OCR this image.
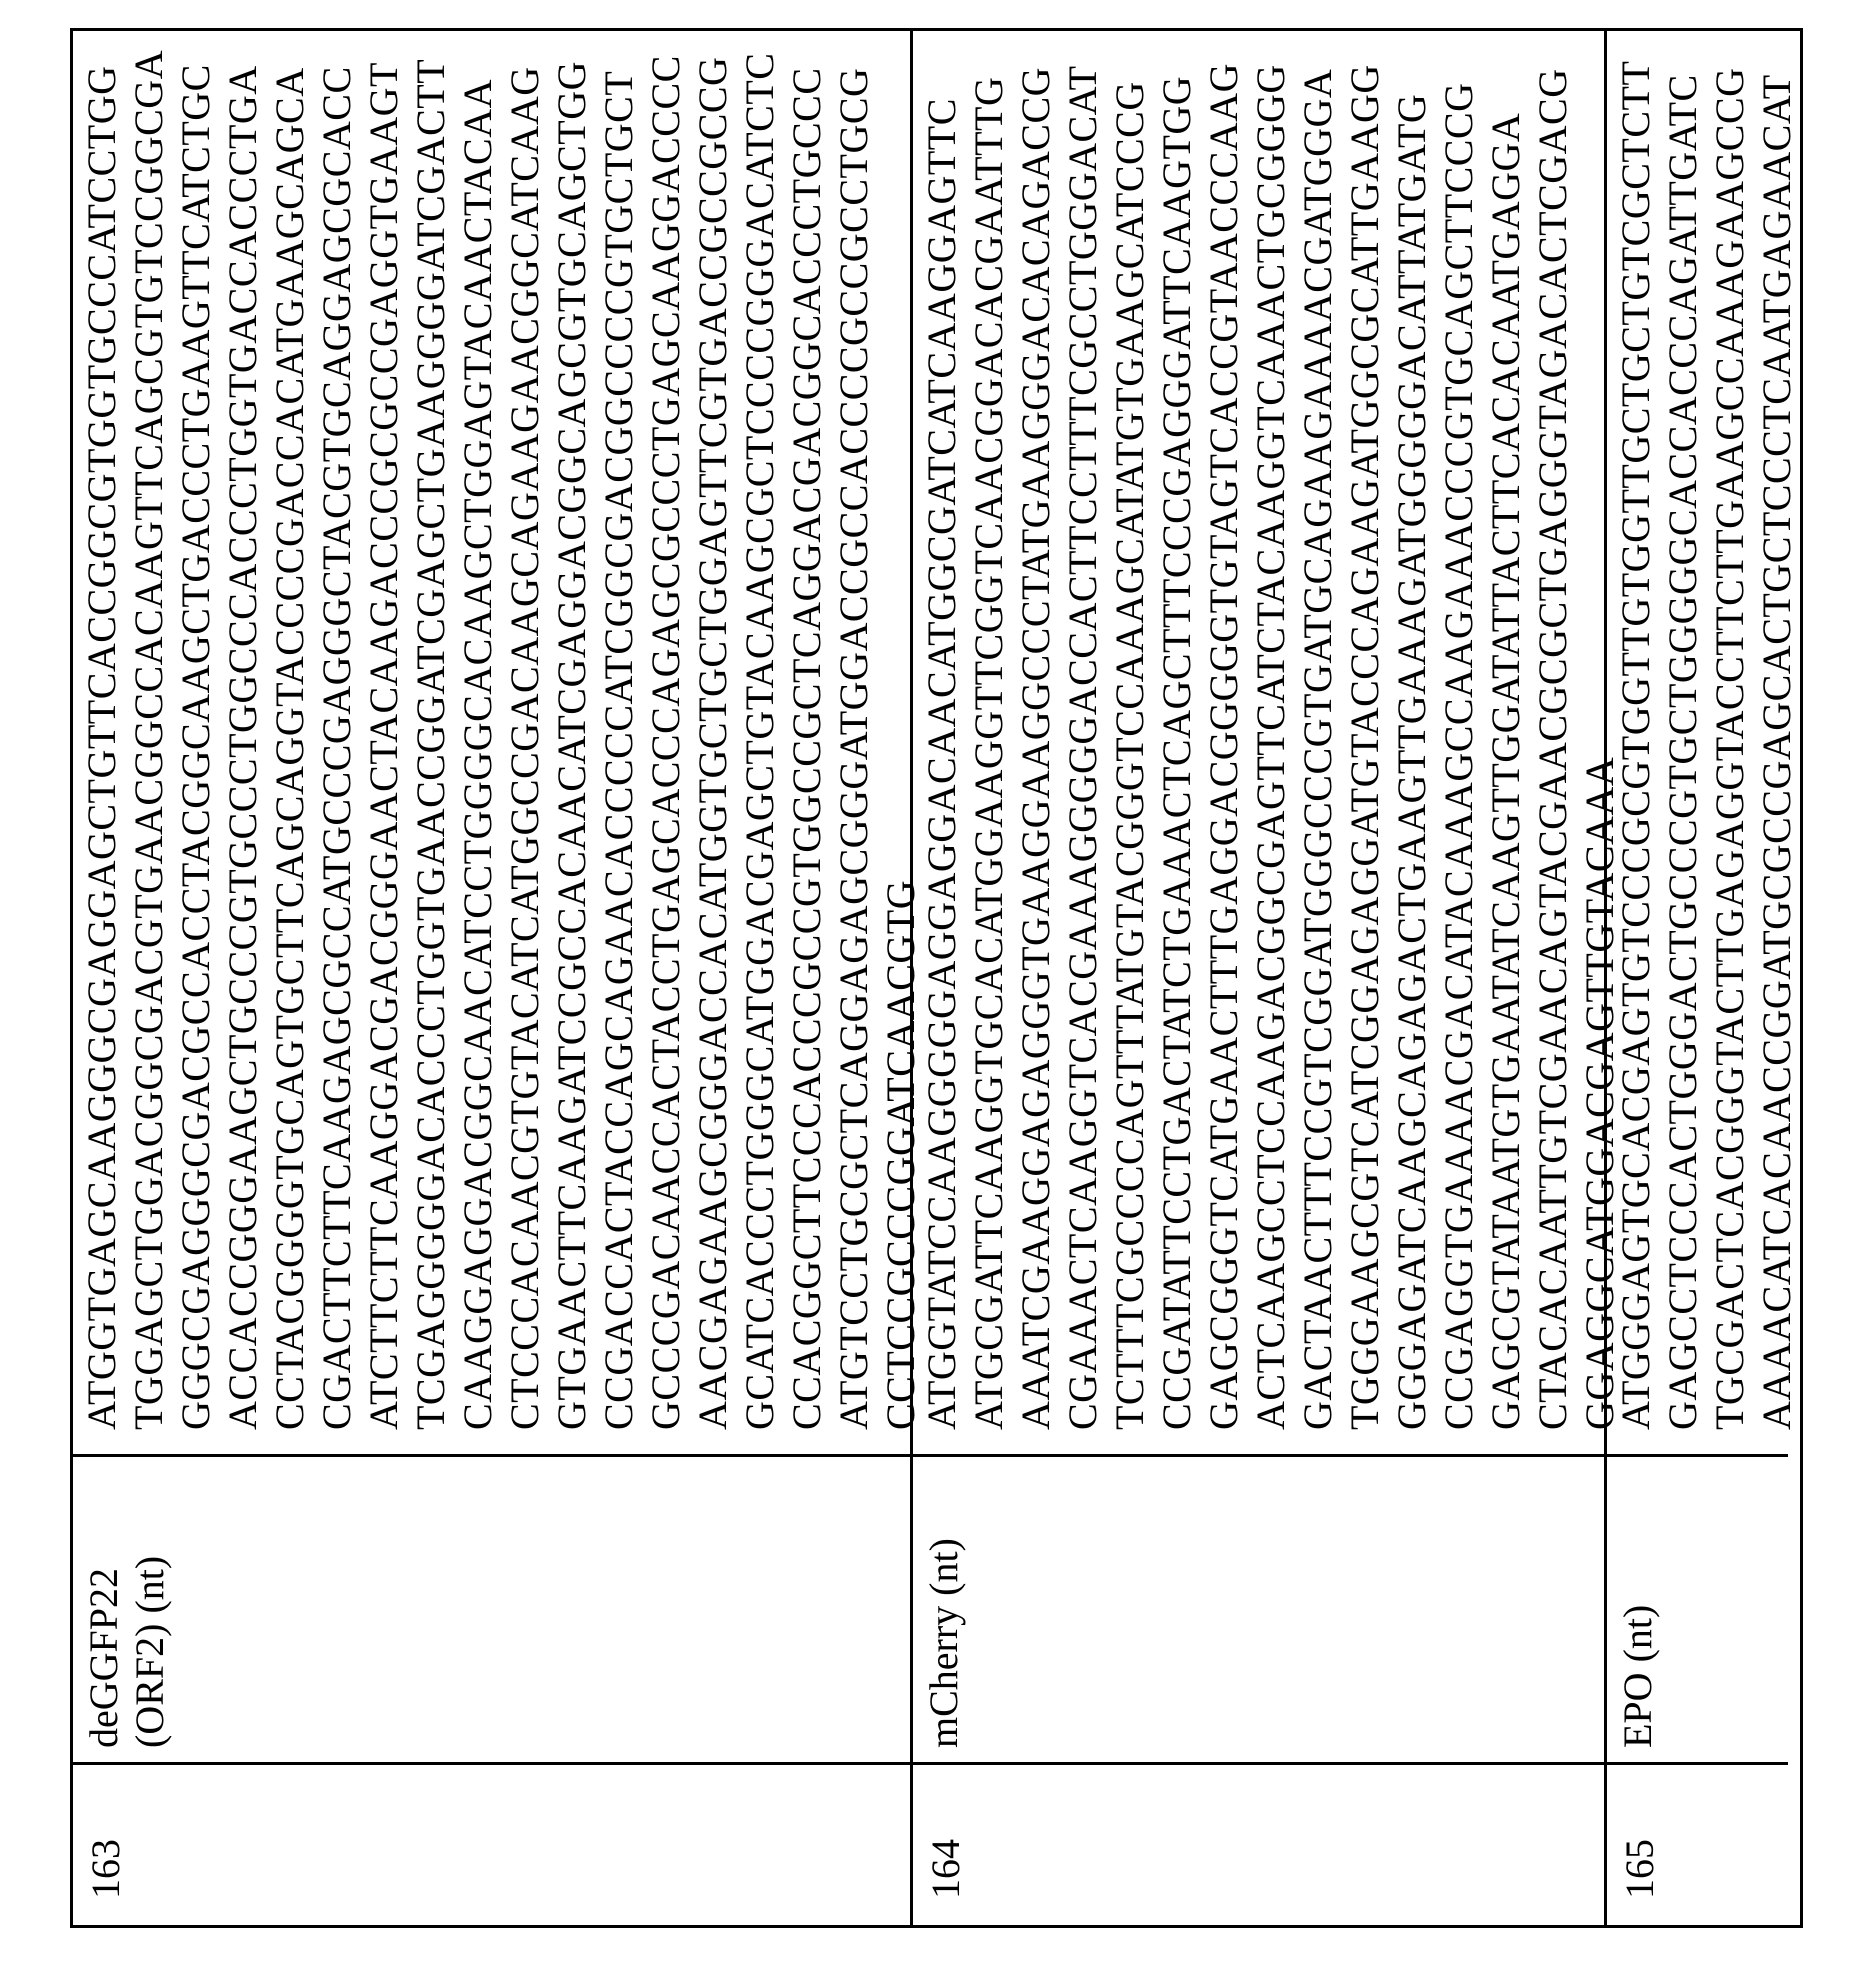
163
deGGFP22 (ORF2) (nt)
ATGGTGAGCAAGGGCGAGGAGCTGTTCACCGGCGTGGTGCCCATCCTGG TGGAGCTGGACGGCGACGTGAACGGCCACAAGTTCAGCGTGTCCGGCGA GGGCGAGGGCGACGCCACCTACGGCAAGCTGACCCTGAAGTTCATCTGC ACCACCGGGAAGCTGCCCGTGCCCTGGCCCACCCTGGTGACCACCCTGA CCTACGGGGTGCAGTGCTTCAGCAGGTACCCCGACCACATGAAGCAGCA CGACTTCTTCAAGAGCGCCATGCCCGAGGGCTACGTGCAGGAGCGCACC ATCTTCTTCAAGGACGACGGGAACTACAAGACCCGCGCCGAGGTGAAGT TCGAGGGGGACACCCTGGTGAACCGGATCGAGCTGAAGGGGATCGACTT CAAGGAGGACGGCAACATCCTGGGGCACAAGCTGGAGTACAACTACAA CTCCCACAACGTGTACATCATGGCCGACAAGCAGAAGAACGGCATCAAG GTGAACTTCAAGATCCGCCACAACATCGAGGACGGCAGCGTGCAGCTGG CCGACCACTACCAGCAGAACACCCCCATCGGCGACGGCCCCGTGCTGCT GCCCGACAACCACTACCTGAGCACCCAGAGCGCCCTGAGCAAGGACCCC AACGAGAAGCGGGACCACATGGTGCTGCTGGAGTTCGTGACCGCCGCCG GCATCACCCTGGGCATGGACGAGCTGTACAAGCGCTCCCCGGGACATCTC CCACGGCTTCCCACCCGCCGTGGCCGCTCAGGACGACGGCACCCTGCCC ATGTCCTGCGCTCAGGAGAGCGGGATGGACCGCCACCCCGCCGCCTGCG CCTCCGCCCGGATCAACGTG
164
mCherry (nt)
ATGGTATCCAAGGGGGAGGAGGACAACATGGCGATCATCAAGGAGTTC ATGCGATTCAAGGTGCACATGGAAGGTTCGGTCAACGGACACGAATTTG AAATCGAAGGAGAGGGTGAAGGAAGGCCCTATGAAGGGACACAGACCG CGAAACTCAAGGTCACGAAAGGGGGACCACTTCCTTTCGCCTGGGACAT TCTTTCGCCCCAGTTTATGTACGGGTCCAAAGCATATGTGAAGCATCCCG CCGATATTCCTGACTATCTGAAACTCAGCTTTCCCGAGGGATTCAAGTGG GAGCGGGTCATGAACTTTGAGGACGGGGGTGTAGTCACCGTAACCCAAG ACTCAAGCCTCCAAGACGGCGAGTTCATCTACAAGGTCAAACTGCGGGG GACTAACTTTCCGTCGGATGGGCCCGTGATGCAGAAGAAAACGATGGGA TGGGAAGCGTCATCGGAGAGGATGTACCCAGAAGATGGCGCATTGAAGG GGGAGATCAAGCAGAGACTGAAGTTGAAAGATGGGGGACATTATGATG CCGAGGTGAAAACGACATACAAAGCCAAGAAACCCGTGCAGCTTCCCG GAGCGTATAATGTGAATATCAAGTTGGATATTACTTCACACAATGAGGA CTACACAATTGTCGAACAGTACGAACGCGCTGAGGGTAGACACTCGACG GGAGGCATGGACGAGTTGTACAAA
165
EPO (nt)
ATGGGAGTGCACGAGTGTCCCGCGTGGTTGTGGTTGCTGCTGTCGCTCTT GAGCCTCCCACTGGGACTGCCCGTGCTGGGGGCACCACCCAGATTGATC TGCGACTCACGGGTACTTGAGAGGTACCTTCTTGAAGCCAAAGAAGCCG AAAACATCACAACCGGATGCGCCGAGCACTGCTCCCTCAATGAGAACAT
